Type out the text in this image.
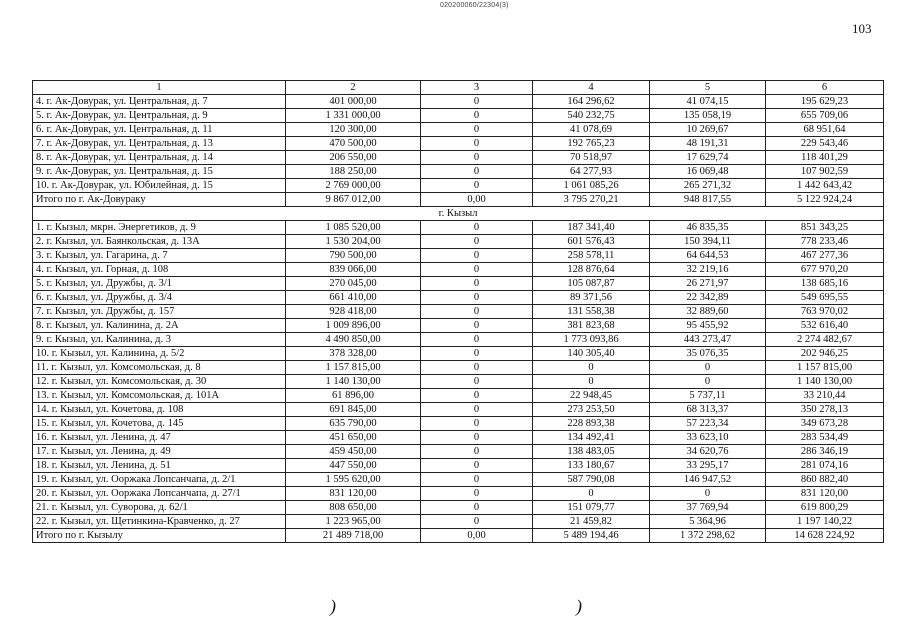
020200060/22304(3)
103
1	2	3	4	5	6
4. г. Ак-Довурак, ул. Центральная, д. 7	401 000,00	0	164 296,62	41 074,15	195 629,23
5. г. Ак-Довурак, ул. Центральная, д. 9	1 331 000,00	0	540 232,75	135 058,19	655 709,06
6. г. Ак-Довурак, ул. Центральная, д. 11	120 300,00	0	41 078,69	10 269,67	68 951,64
7. г. Ак-Довурак, ул. Центральная, д. 13	470 500,00	0	192 765,23	48 191,31	229 543,46
8. г. Ак-Довурак, ул. Центральная, д. 14	206 550,00	0	70 518,97	17 629,74	118 401,29
9. г. Ак-Довурак, ул. Центральная, д. 15	188 250,00	0	64 277,93	16 069,48	107 902,59
10. г. Ак-Довурак, ул. Юбилейная, д. 15	2 769 000,00	0	1 061 085,26	265 271,32	1 442 643,42
Итого по г. Ак-Довураку	9 867 012,00	0,00	3 795 270,21	948 817,55	5 122 924,24
г. Кызыл					
1. г. Кызыл, мкрн. Энергетиков, д. 9	1 085 520,00	0	187 341,40	46 835,35	851 343,25
2. г. Кызыл, ул. Баянкольская, д. 13А	1 530 204,00	0	601 576,43	150 394,11	778 233,46
3. г. Кызыл, ул. Гагарина, д. 7	790 500,00	0	258 578,11	64 644,53	467 277,36
4. г. Кызыл, ул. Горная, д. 108	839 066,00	0	128 876,64	32 219,16	677 970,20
5. г. Кызыл, ул. Дружбы, д. 3/1	270 045,00	0	105 087,87	26 271,97	138 685,16
6. г. Кызыл, ул. Дружбы, д. 3/4	661 410,00	0	89 371,56	22 342,89	549 695,55
7. г. Кызыл, ул. Дружбы, д. 157	928 418,00	0	131 558,38	32 889,60	763 970,02
8. г. Кызыл, ул. Калинина, д. 2А	1 009 896,00	0	381 823,68	95 455,92	532 616,40
9. г. Кызыл, ул. Калинина, д. 3	4 490 850,00	0	1 773 093,86	443 273,47	2 274 482,67
10. г. Кызыл, ул. Калинина, д. 5/2	378 328,00	0	140 305,40	35 076,35	202 946,25
11. г. Кызыл, ул. Комсомольская, д. 8	1 157 815,00	0	0	0	1 157 815,00
12. г. Кызыл, ул. Комсомольская, д. 30	1 140 130,00	0	0	0	1 140 130,00
13. г. Кызыл, ул. Комсомольская, д. 101А	61 896,00	0	22 948,45	5 737,11	33 210,44
14. г. Кызыл, ул. Кочетова, д. 108	691 845,00	0	273 253,50	68 313,37	350 278,13
15. г. Кызыл, ул. Кочетова, д. 145	635 790,00	0	228 893,38	57 223,34	349 673,28
16. г. Кызыл, ул. Ленина, д. 47	451 650,00	0	134 492,41	33 623,10	283 534,49
17. г. Кызыл, ул. Ленина, д. 49	459 450,00	0	138 483,05	34 620,76	286 346,19
18. г. Кызыл, ул. Ленина, д. 51	447 550,00	0	133 180,67	33 295,17	281 074,16
19. г. Кызыл, ул. Ооржака Лопсанчапа, д. 2/1	1 595 620,00	0	587 790,08	146 947,52	860 882,40
20. г. Кызыл, ул. Ооржака Лопсанчапа, д. 27/1	831 120,00	0	0	0	831 120,00
21. г. Кызыл, ул. Суворова, д. 62/1	808 650,00	0	151 079,77	37 769,94	619 800,29
22. г. Кызыл, ул. Щетинкина-Кравченко, д. 27	1 223 965,00	0	21 459,82	5 364,96	1 197 140,22
Итого по г. Кызылу	21 489 718,00	0,00	5 489 194,46	1 372 298,62	14 628 224,92
)	)
